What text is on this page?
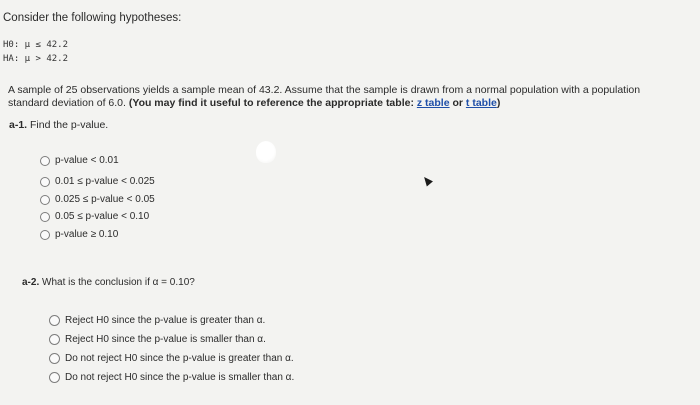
Consider the following hypotheses:
H0: μ ≤ 42.2
HA: μ > 42.2
A sample of 25 observations yields a sample mean of 43.2. Assume that the sample is drawn from a normal population with a population standard deviation of 6.0. (You may find it useful to reference the appropriate table: z table or t table)
a-1. Find the p-value.
p-value < 0.01
0.01 ≤ p-value < 0.025
0.025 ≤ p-value < 0.05
0.05 ≤ p-value < 0.10
p-value ≥ 0.10
a-2. What is the conclusion if α = 0.10?
Reject H0 since the p-value is greater than α.
Reject H0 since the p-value is smaller than α.
Do not reject H0 since the p-value is greater than α.
Do not reject H0 since the p-value is smaller than α.
